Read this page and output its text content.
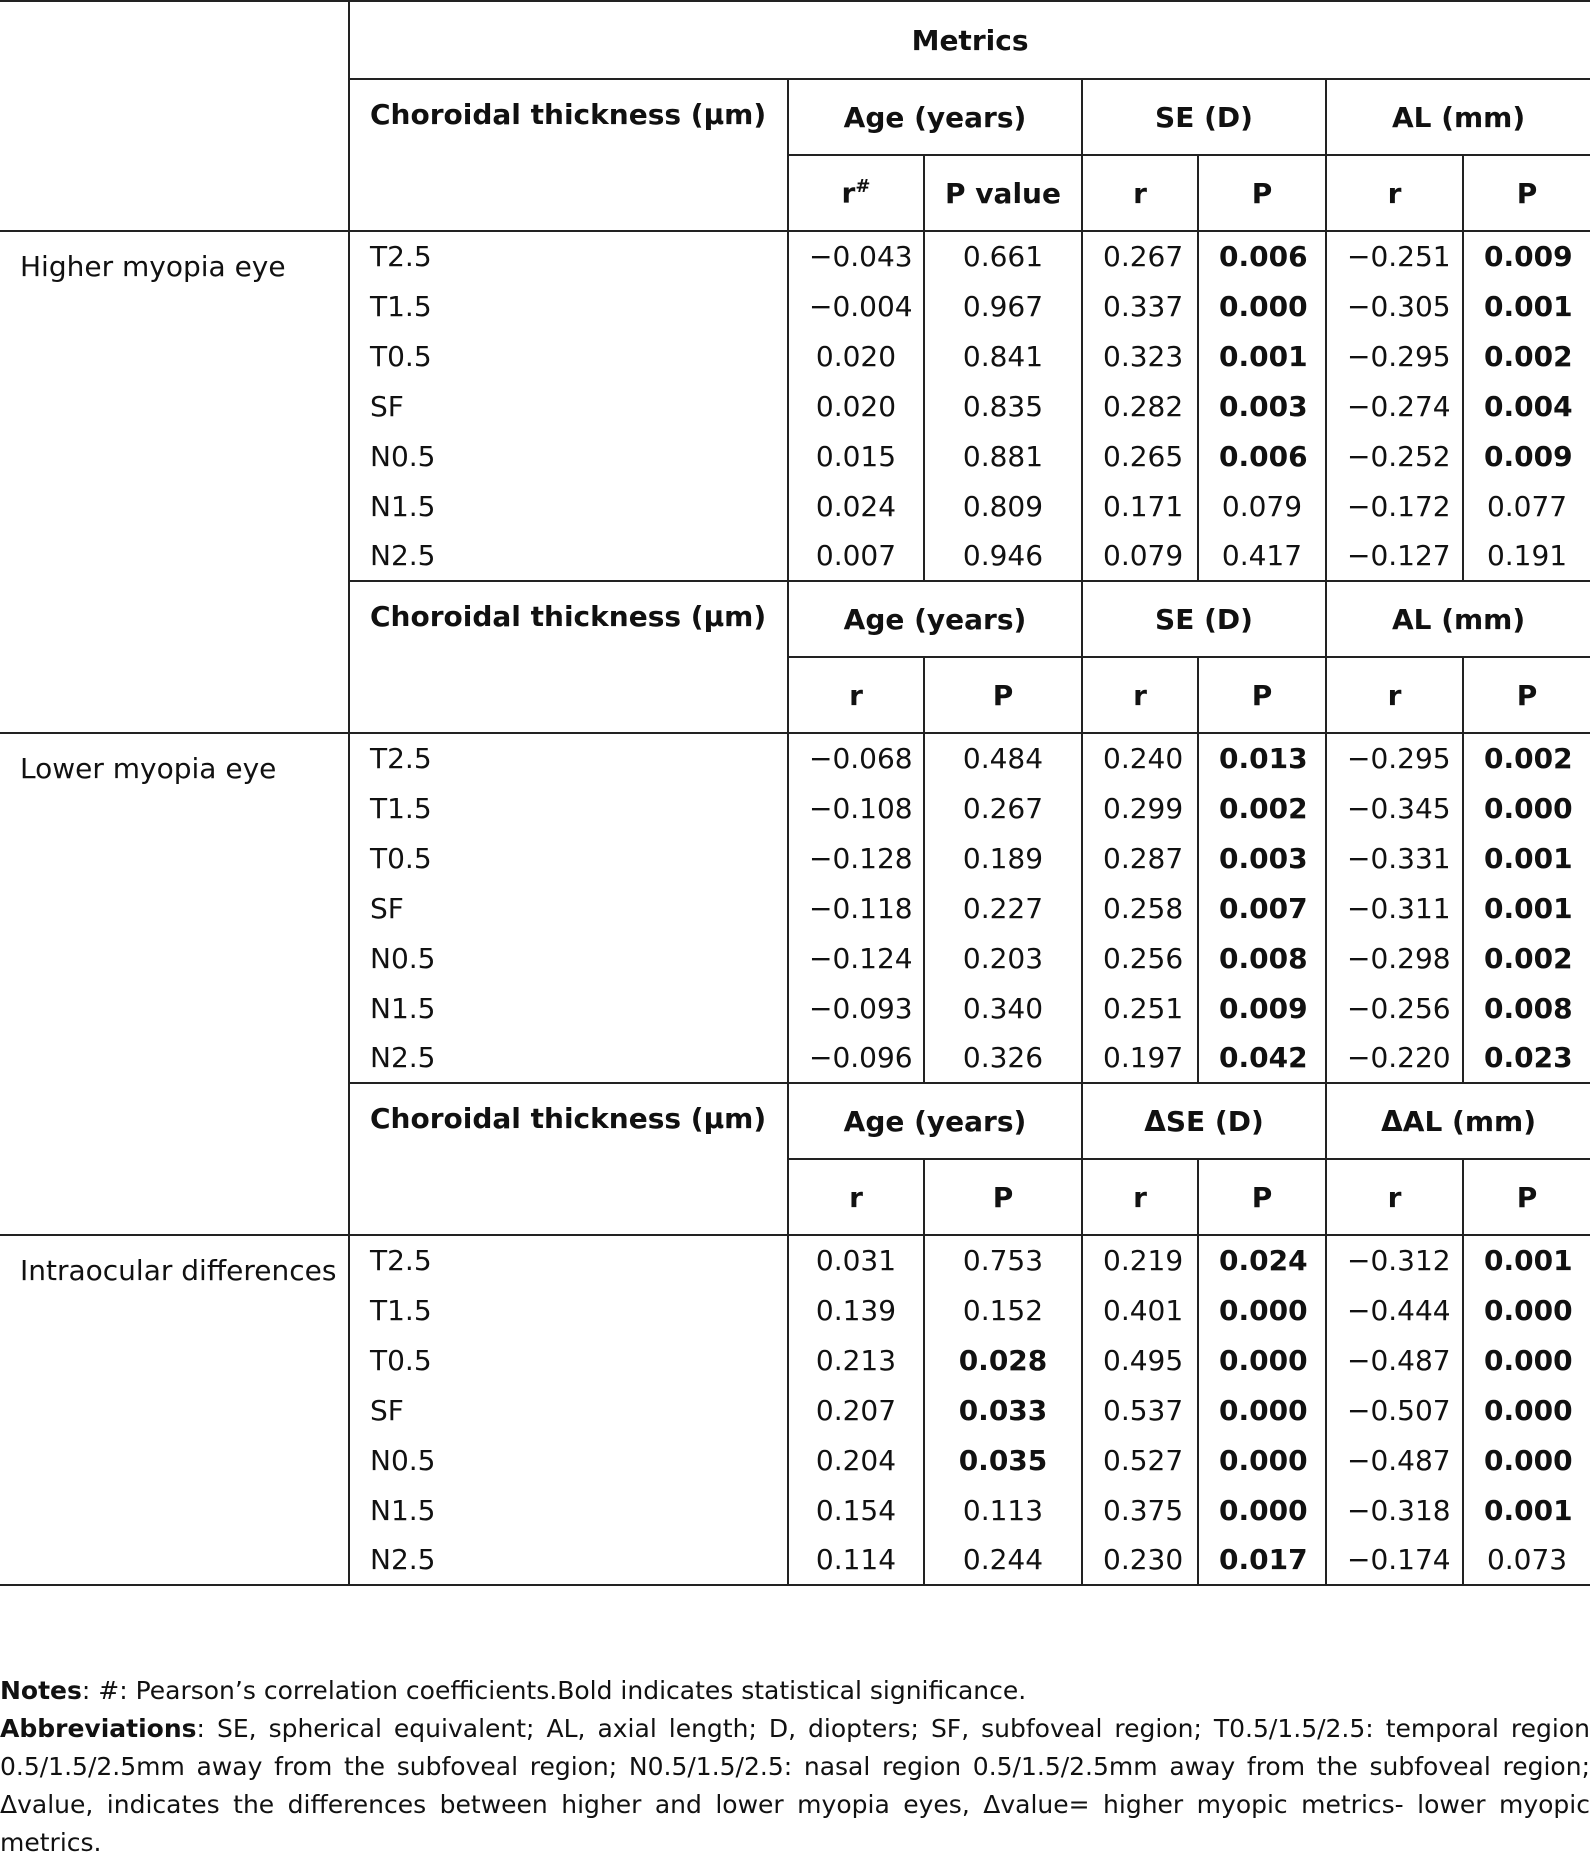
	Metrics						
	Choroidal thickness (μm)	Age (years)		SE (D)		AL (mm)	
		r#	P value	r	P	r	P
Higher myopia eye	T2.5	−0.043	0.661	0.267	0.006	−0.251	0.009
	T1.5	−0.004	0.967	0.337	0.000	−0.305	0.001
	T0.5	0.020	0.841	0.323	0.001	−0.295	0.002
	SF	0.020	0.835	0.282	0.003	−0.274	0.004
	N0.5	0.015	0.881	0.265	0.006	−0.252	0.009
	N1.5	0.024	0.809	0.171	0.079	−0.172	0.077
	N2.5	0.007	0.946	0.079	0.417	−0.127	0.191
	Choroidal thickness (μm)	Age (years)		SE (D)		AL (mm)	
		r	P	r	P	r	P
Lower myopia eye	T2.5	−0.068	0.484	0.240	0.013	−0.295	0.002
	T1.5	−0.108	0.267	0.299	0.002	−0.345	0.000
	T0.5	−0.128	0.189	0.287	0.003	−0.331	0.001
	SF	−0.118	0.227	0.258	0.007	−0.311	0.001
	N0.5	−0.124	0.203	0.256	0.008	−0.298	0.002
	N1.5	−0.093	0.340	0.251	0.009	−0.256	0.008
	N2.5	−0.096	0.326	0.197	0.042	−0.220	0.023
	Choroidal thickness (μm)	Age (years)		ΔSE (D)		ΔAL (mm)	
		r	P	r	P	r	P
Intraocular differences	T2.5	0.031	0.753	0.219	0.024	−0.312	0.001
	T1.5	0.139	0.152	0.401	0.000	−0.444	0.000
	T0.5	0.213	0.028	0.495	0.000	−0.487	0.000
	SF	0.207	0.033	0.537	0.000	−0.507	0.000
	N0.5	0.204	0.035	0.527	0.000	−0.487	0.000
	N1.5	0.154	0.113	0.375	0.000	−0.318	0.001
	N2.5	0.114	0.244	0.230	0.017	−0.174	0.073

Notes: #: Pearson’s correlation coefficients.Bold indicates statistical significance.

Abbreviations: SE, spherical equivalent; AL, axial length; D, diopters; SF, subfoveal region; T0.5/1.5/2.5: temporal region 0.5/1.5/2.5mm away from the subfoveal region; N0.5/1.5/2.5: nasal region 0.5/1.5/2.5mm away from the subfoveal region; Δvalue, indicates the differences between higher and lower myopia eyes, Δvalue= higher myopic metrics- lower myopic metrics.
